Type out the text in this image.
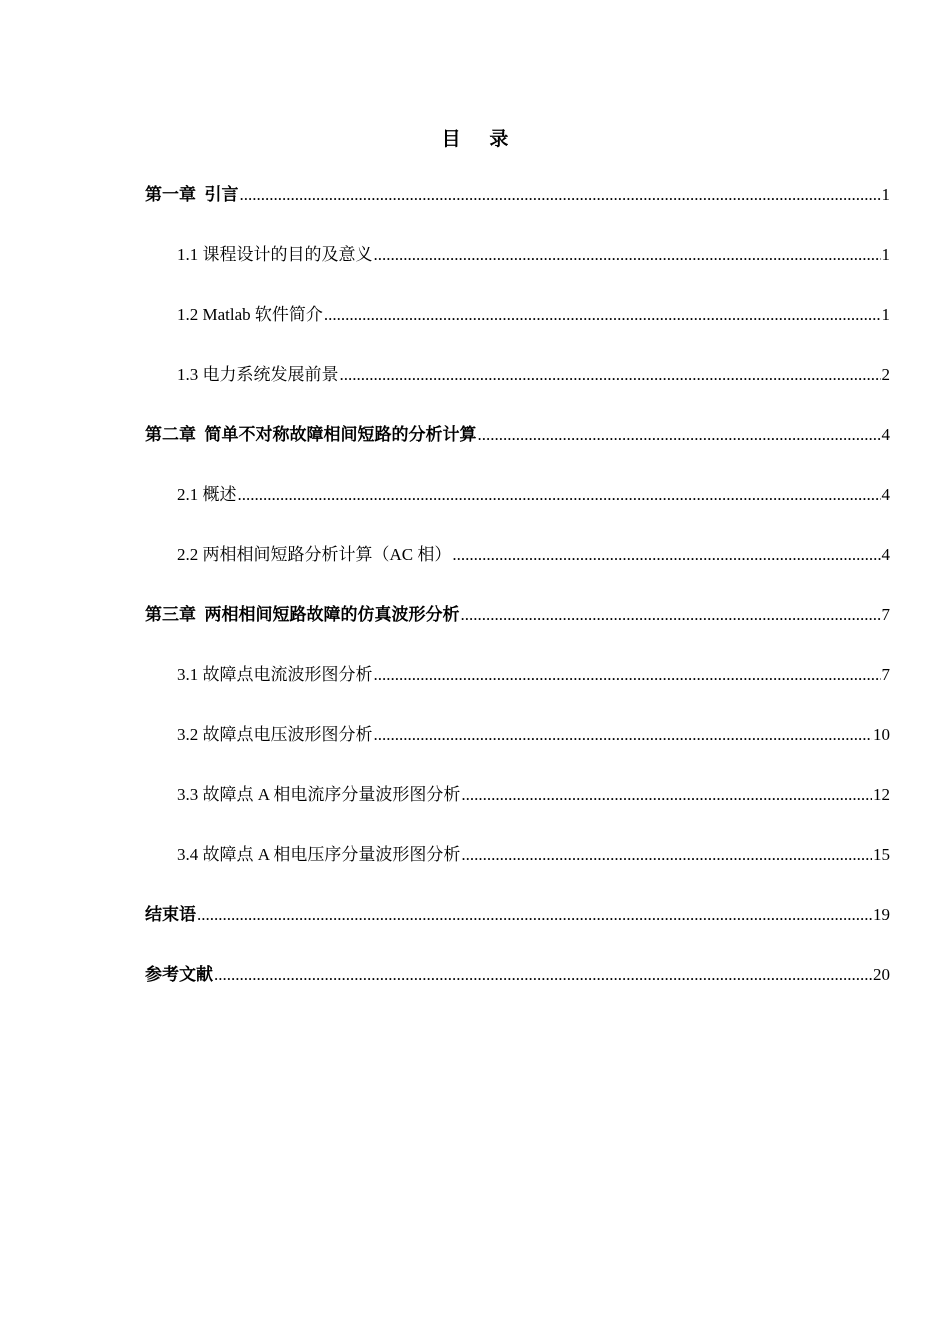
目 录
第一章  引言 .....	1
1.1 课程设计的目的及意义 .....	1
1.2 Matlab 软件简介 .....	1
1.3 电力系统发展前景 .....	2
第二章  简单不对称故障相间短路的分析计算 .....	4
2.1 概述 .....	4
2.2 两相相间短路分析计算（AC 相） .....	4
第三章  两相相间短路故障的仿真波形分析 .....	7
3.1 故障点电流波形图分析 .....	7
3.2 故障点电压波形图分析 .....	10
3.3 故障点 A 相电流序分量波形图分析 .....	12
3.4 故障点 A 相电压序分量波形图分析 .....	15
结束语 .....	19
参考文献 .....	20
